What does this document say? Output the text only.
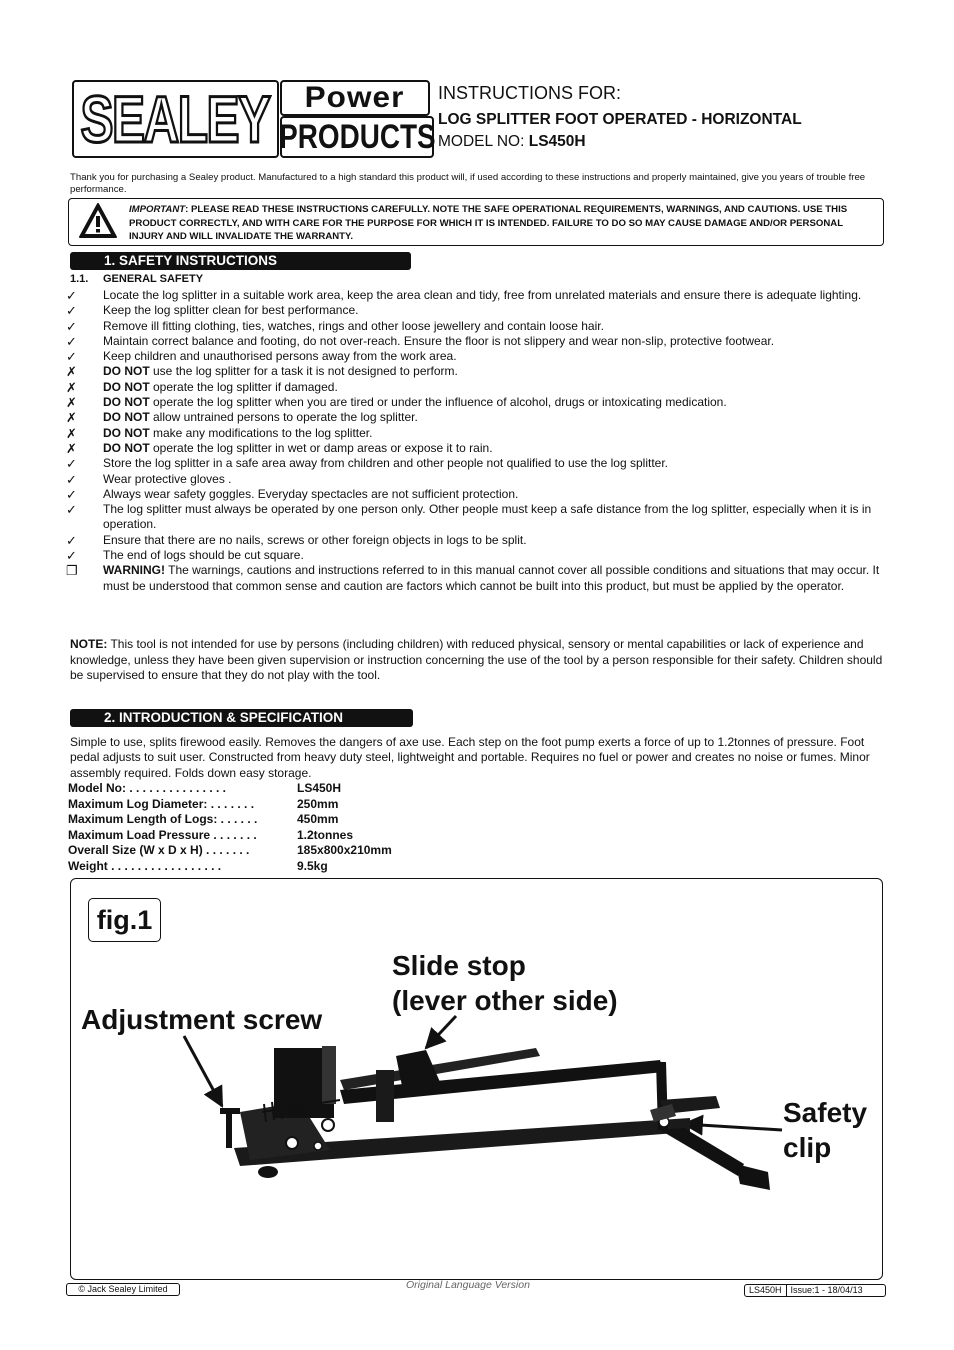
SEALEY Power
PRODUCTS
INSTRUCTIONS FOR:
LOG SPLITTER FOOT OPERATED - HORIZONTAL
MODEL NO: LS450H
Thank you for purchasing a Sealey product. Manufactured to a high standard this product will, if used according to these instructions and properly maintained, give you years of trouble free performance.
IMPORTANT: PLEASE READ THESE INSTRUCTIONS CAREFULLY. NOTE THE SAFE OPERATIONAL REQUIREMENTS, WARNINGS, AND CAUTIONS. USE THIS PRODUCT CORRECTLY, AND WITH CARE FOR THE PURPOSE FOR WHICH IT IS INTENDED. FAILURE TO DO SO MAY CAUSE DAMAGE AND/OR PERSONAL INJURY AND WILL INVALIDATE THE WARRANTY.
1. SAFETY INSTRUCTIONS
1.1. GENERAL SAFETY
✓	Locate the log splitter in a suitable work area, keep the area clean and tidy, free from unrelated materials and ensure there is adequate lighting.
✓	Keep the log splitter clean for best performance.
✓	Remove ill fitting clothing, ties, watches, rings and other loose jewellery and contain loose hair.
✓	Maintain correct balance and footing, do not over-reach. Ensure the floor is not slippery and wear non-slip, protective footwear.
✓	Keep children and unauthorised persons away from the work area.
✗	DO NOT use the log splitter for a task it is not designed to perform.
✗	DO NOT operate the log splitter if damaged.
✗	DO NOT operate the log splitter when you are tired or under the influence of alcohol, drugs or intoxicating medication.
✗	DO NOT allow untrained persons to operate the log splitter.
✗	DO NOT make any modifications to the log splitter.
✗	DO NOT operate the log splitter in wet or damp areas or expose it to rain.
✓	Store the log splitter in a safe area away from children and other people not qualified to use the log splitter.
✓	Wear protective gloves .
✓	Always wear safety goggles. Everyday spectacles are not sufficient protection.
✓	The log splitter must always be operated by one person only. Other people must keep a safe distance from the log splitter, especially when it is in operation.
✓	Ensure that there are no nails, screws or other foreign objects in logs to be split.
✓	The end of logs should be cut square.
❐	WARNING! The warnings, cautions and instructions referred to in this manual cannot cover all possible conditions and situations that may occur. It must be understood that common sense and caution are factors which cannot be built into this product, but must be applied by the operator.
NOTE: This tool is not intended for use by persons (including children) with reduced physical, sensory or mental capabilities or lack of experience and knowledge, unless they have been given supervision or instruction concerning the use of the tool by a person responsible for their safety. Children should be supervised to ensure that they do not play with the tool.
2. INTRODUCTION & SPECIFICATION
Simple to use, splits firewood easily. Removes the dangers of axe use. Each step on the foot pump exerts a force of up to 1.2tonnes of pressure. Foot pedal adjusts to suit user. Constructed from heavy duty steel, lightweight and portable. Requires no fuel or power and creates no noise or fumes. Minor assembly required. Folds down easy storage.
Model No: . . . . . . . . . . . . . . .	LS450H
Maximum Log Diameter: . . . . . . .	250mm
Maximum Length of Logs: . . . . . .	450mm
Maximum Load Pressure . . . . . . .	1.2tonnes
Overall Size (W x D x H) . . . . . . .	185x800x210mm
Weight . . . . . . . . . . . . . . . . .	9.5kg
fig.1
Slide stop
(lever other side)
Adjustment screw
Safety
clip
© Jack Sealey Limited	Original Language Version	LS450H	Issue:1 - 18/04/13
